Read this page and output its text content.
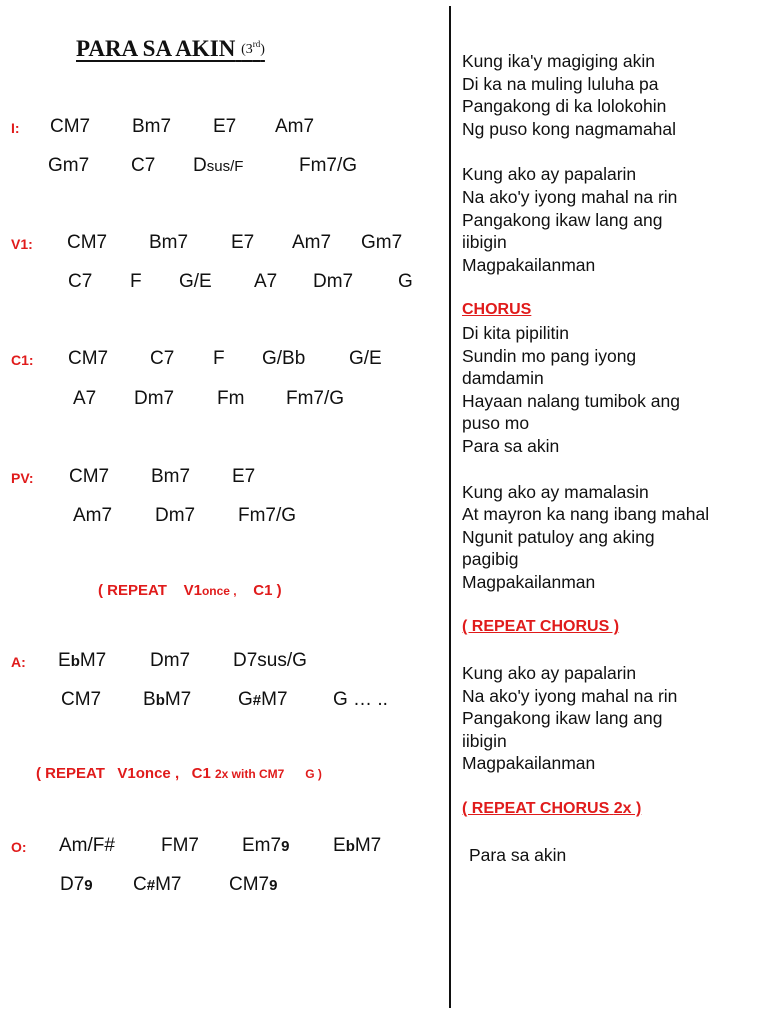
PARA SA AKIN $^{(3^{rd})}$
I: CM7 Bm7 E7 Am7
Gm7 C7 Dsus/F	Fm7/G
V1: CM7 Bm7 E7 Am7 Gm7
C7 F G/E A7 Dm7 G
C1: CM7 C7 F G/Bb G/E
A7 Dm7 Fm Fm7/G
PV: CM7 Bm7 E7
Am7 Dm7 Fm7/G
( REPEAT V1once , C1 )
A: EbM7 Dm7 D7sus/G
CM7 BbM7 G#M7 G … ..
( REPEAT V1once , C1 2x with CM7 G )
O: Am/F# FM7 Em79 EbM7
D79 C#M7	CM79
Kung ika'y magiging akin
Di ka na muling luluha pa
Pangakong di ka lolokohin
Ng puso kong nagmamahal
Kung ako ay papalarin
Na ako'y iyong mahal na rin
Pangakong ikaw lang ang
iibigin
Magpakailanman
CHORUS
Di kita pipilitin
Sundin mo pang iyong
damdamin
Hayaan nalang tumibok ang
puso mo
Para sa akin
Kung ako ay mamalasin
At mayron ka nang ibang mahal
Ngunit patuloy ang aking
pagibig
Magpakailanman
( REPEAT CHORUS )
Kung ako ay papalarin
Na ako'y iyong mahal na rin
Pangakong ikaw lang ang
iibigin
Magpakailanman
( REPEAT CHORUS 2x )
Para sa akin
